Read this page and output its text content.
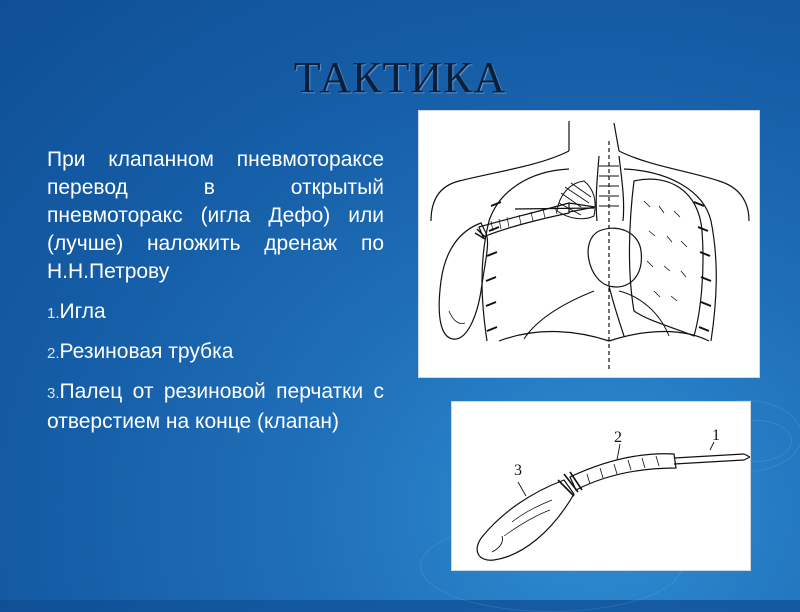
ТАКТИКА

При клапанном пневмотораксе перевод в открытый пневмоторакс (игла Дефо) или (лучше) наложить дренаж по Н.Н.Петрову

1.Игла
2.Резиновая трубка
3.Палец от резиновой перчатки с отверстием на конце (клапан)
1
2
3
